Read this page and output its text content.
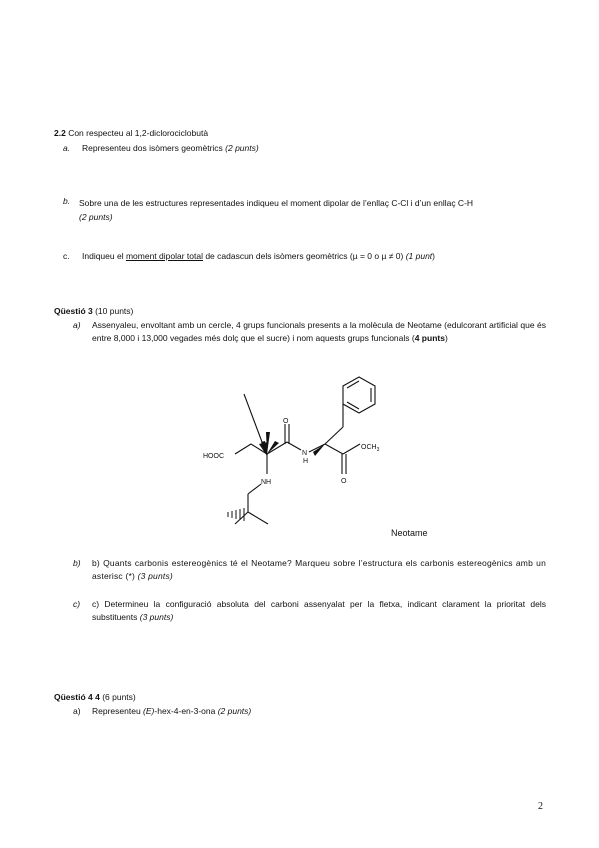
2.2 Con respecteu al 1,2-diclorociclobutà
a. Representeu dos isòmers geomètrics (2 punts)
b. Sobre una de les estructures representades indiqueu el moment dipolar de l’enllaç C-Cl i d’un enllaç C-H
(2 punts)
c. Indiqueu el moment dipolar total de cadascun dels isòmers geomètrics (µ = 0 o µ ≠ 0) (1 punt)
Qüestió 3 (10 punts)
a) Assenyaleu, envoltant amb un cercle, 4 grups funcionals presents a la molècula de Neotame (edulcorant artificial que és entre 8,000 i 13,000 vegades més dolç que el sucre) i nom aquests grups funcionals (4 punts)
HOOC
NH
N
H
O
O
$OCH_3$
Neotame
b) b) Quants carbonis estereogènics té el Neotame? Marqueu sobre l’estructura els carbonis estereogènics amb un asterisc (*) (3 punts)
c) c) Determineu la configuració absoluta del carboni assenyalat per la fletxa, indicant clarament la prioritat dels substituents (3 punts)
Qüestió 4 4 (6 punts)
a) Representeu (E)-hex-4-en-3-ona (2 punts)
2
